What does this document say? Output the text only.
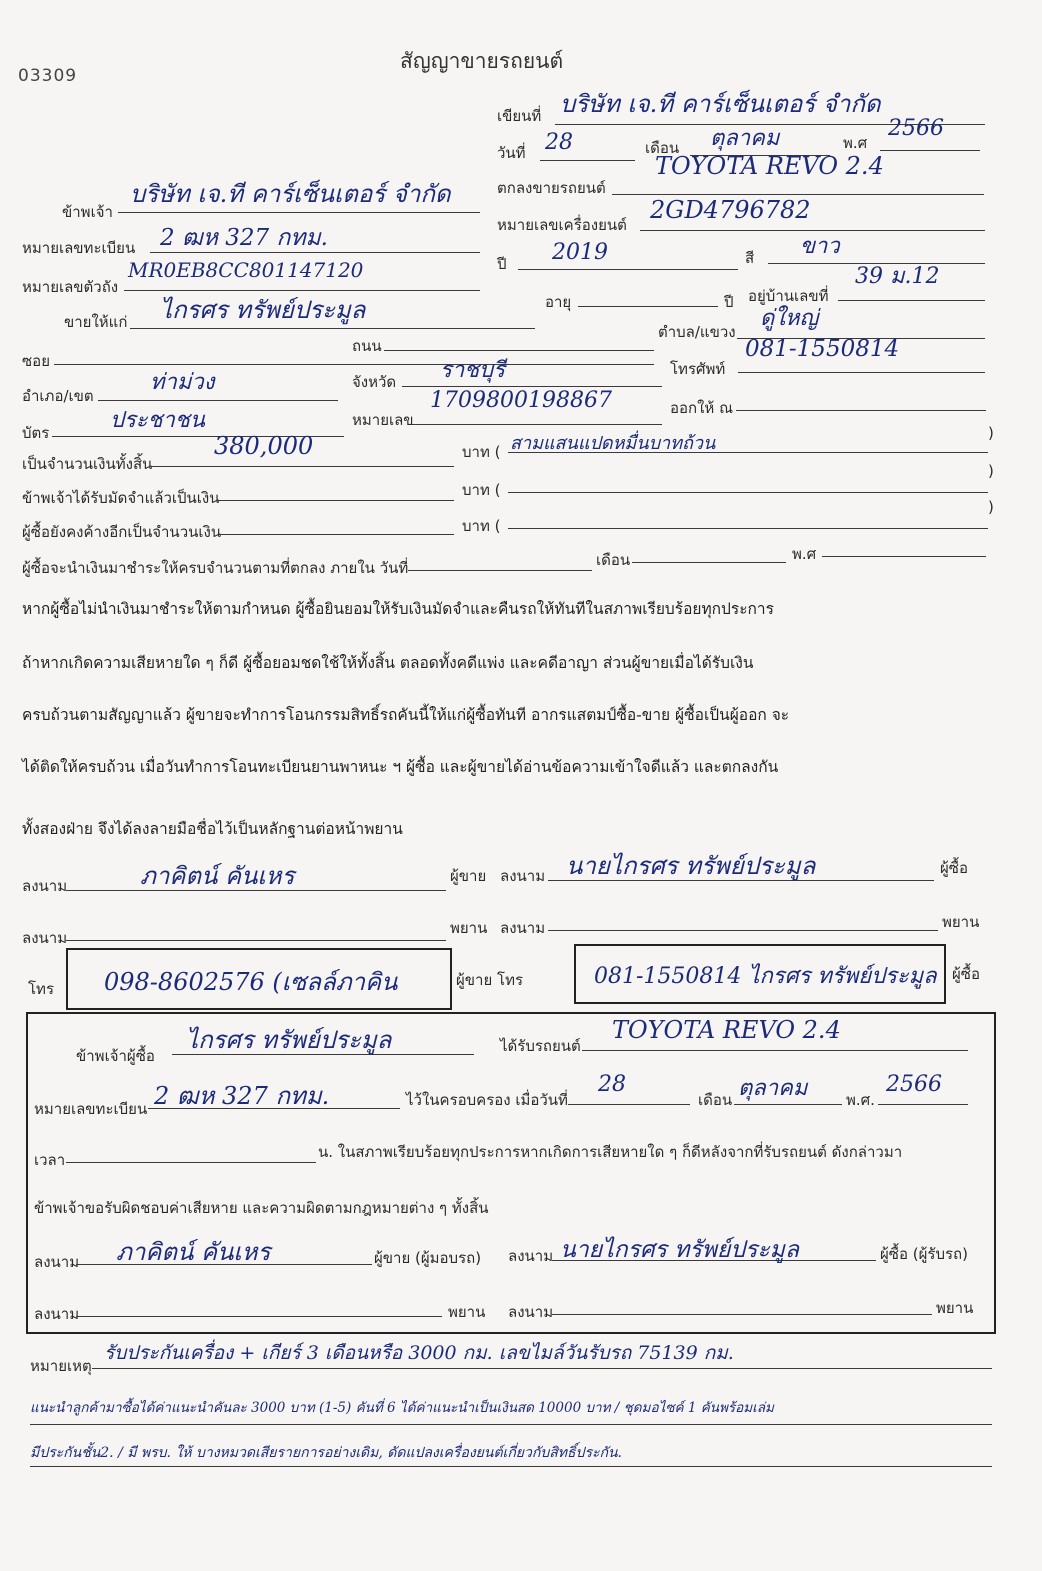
03309
สัญญาขายรถยนต์
เขียนที่ บริษัท เจ.ที คาร์เซ็นเตอร์ จำกัด
วันที่ 28	เดือน ตุลาคม	พ.ศ
2566
ข้าพเจ้า
บริษัท เจ.ที คาร์เซ็นเตอร์ จำกัด	ตกลงขายรถยนต์
TOYOTA REVO 2.4
หมายเลขทะเบียน 2 ฒห 327 กทม.	หมายเลขเครื่องยนต์
2GD4796782
หมายเลขตัวถัง
MR0EB8CC801147120	ปี 2019	สี ขาว
ขายให้แก่ ไกรศร ทรัพย์ประมูล	อายุ	ปี อยู่บ้านเลขที่
39 ม.12
ถนน
ตำบล/แขวง
ดู่ใหญ่
ซอย	โทรศัพท์
081-1550814
อำเภอ/เขต
ท่าม่วง	จังหวัด ราชบุรี
บัตร	ประชาชน	หมายเลข
1709800198867	ออกให้ ณ
เป็นจำนวนเงินทั้งสิ้น
380,000	บาท ( สามแสนแปดหมื่นบาทถ้วน	)
ข้าพเจ้าได้รับมัดจำแล้วเป็นเงิน	บาท (
)
ผู้ซื้อยังคงค้างอีกเป็นจำนวนเงิน	บาท (
)
ผู้ซื้อจะนำเงินมาชำระให้ครบจำนวนตามที่ตกลง ภายใน วันที่	เดือน	พ.ศ
หากผู้ซื้อไม่นำเงินมาชำระให้ตามกำหนด ผู้ซื้อยินยอมให้รับเงินมัดจำและคืนรถให้ทันทีในสภาพเรียบร้อยทุกประการ
ถ้าหากเกิดความเสียหายใด ๆ ก็ดี ผู้ซื้อยอมชดใช้ให้ทั้งสิ้น ตลอดทั้งคดีแพ่ง และคดีอาญา ส่วนผู้ขายเมื่อได้รับเงิน
ครบถ้วนตามสัญญาแล้ว ผู้ขายจะทำการโอนกรรมสิทธิ์รถคันนี้ให้แก่ผู้ซื้อทันที อากรแสตมป์ซื้อ-ขาย ผู้ซื้อเป็นผู้ออก จะ
ได้ติดให้ครบถ้วน เมื่อวันทำการโอนทะเบียนยานพาหนะ ฯ ผู้ซื้อ และผู้ขายได้อ่านข้อความเข้าใจดีแล้ว และตกลงกัน
ทั้งสองฝ่าย จึงได้ลงลายมือชื่อไว้เป็นหลักฐานต่อหน้าพยาน
ลงนาม	ภาคิตน์ คันเหร	ผู้ขาย ลงนาม นายไกรศร ทรัพย์ประมูล	ผู้ซื้อ
ลงนาม
พยาน ลงนาม	พยาน
โทร 098-8602576 (เซลล์ภาคิน	ผู้ขาย โทร	081-1550814 ไกรศร ทรัพย์ประมูล ผู้ซื้อ
ข้าพเจ้าผู้ซื้อ
ไกรศร ทรัพย์ประมูล	ได้รับรถยนต์
TOYOTA REVO 2.4
หมายเลขทะเบียน 2 ฒห 327 กทม.	ไว้ในครอบครอง เมื่อวันที่
28
เดือน ตุลาคม	พ.ศ.
2566
เวลา	น. ในสภาพเรียบร้อยทุกประการหากเกิดการเสียหายใด ๆ ก็ดีหลังจากที่รับรถยนต์ ดังกล่าวมา
ข้าพเจ้าขอรับผิดชอบค่าเสียหาย และความผิดตามกฎหมายต่าง ๆ ทั้งสิ้น
ลงนาม ภาคิตน์ คันเหร	ผู้ขาย (ผู้มอบรถ) ลงนาม นายไกรศร ทรัพย์ประมูล	ผู้ซื้อ (ผู้รับรถ)
ลงนาม	พยาน ลงนาม	พยาน
หมายเหตุ
รับประกันเครื่อง + เกียร์ 3 เดือนหรือ 3000 กม. เลขไมล์วันรับรถ 75139 กม.
แนะนำลูกค้ามาซื้อได้ค่าแนะนำคันละ 3000 บาท (1-5) คันที่ 6 ได้ค่าแนะนำเป็นเงินสด 10000 บาท / ชุดมอไซค์ 1 คันพร้อมเล่ม
มีประกันชั้น2. / มี พรบ. ให้ บางหมวดเสียรายการอย่างเดิม, ดัดแปลงเครื่องยนต์เกี่ยวกับสิทธิ์ประกัน.
